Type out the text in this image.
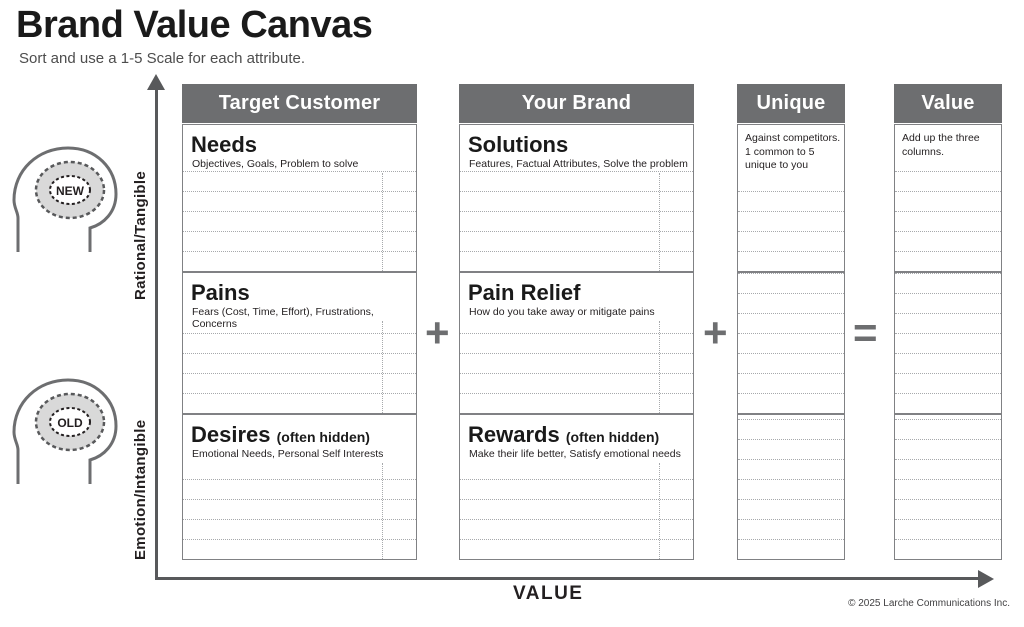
Brand Value Canvas
Sort and use a 1-5 Scale for each attribute.
Rational/Tangible
Emotion/Intangible
VALUE
NEW
OLD
Target Customer
Needs
Objectives, Goals, Problem to solve
Pains
Fears (Cost, Time, Effort), Frustrations, Concerns
Desires (often hidden)
Emotional Needs, Personal Self Interests
+
Your Brand
Solutions
Features, Factual Attributes, Solve the problem
Pain Relief
How do you take away or mitigate pains
Rewards (often hidden)
Make their life better, Satisfy emotional needs
+
Unique
Against competitors. 1 common to 5 unique to you
=
Value
Add up the three columns.
© 2025 Larche Communications Inc.
